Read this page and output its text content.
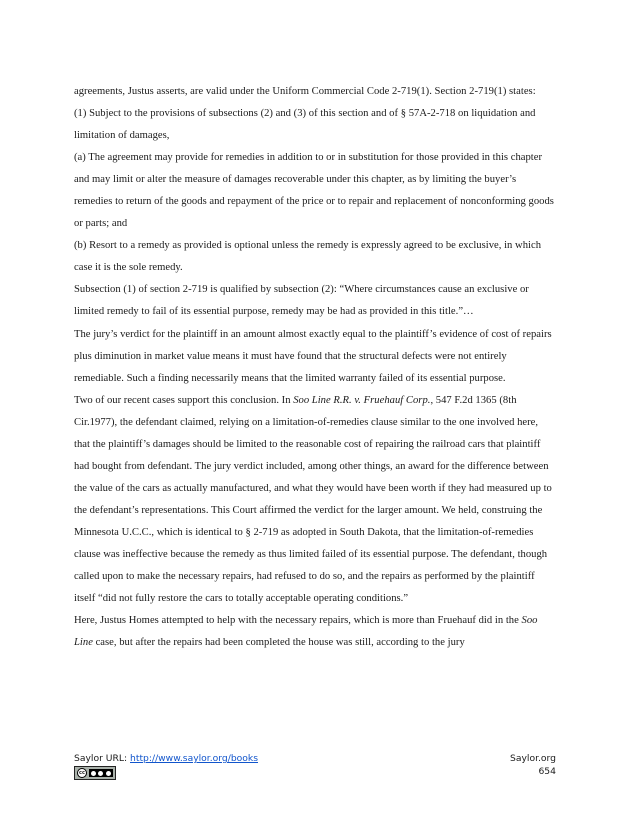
agreements, Justus asserts, are valid under the Uniform Commercial Code 2-719(1). Section 2-719(1) states:

(1) Subject to the provisions of subsections (2) and (3) of this section and of § 57A-2-718 on liquidation and limitation of damages,

(a) The agreement may provide for remedies in addition to or in substitution for those provided in this chapter and may limit or alter the measure of damages recoverable under this chapter, as by limiting the buyer’s remedies to return of the goods and repayment of the price or to repair and replacement of nonconforming goods or parts; and

(b) Resort to a remedy as provided is optional unless the remedy is expressly agreed to be exclusive, in which case it is the sole remedy.

Subsection (1) of section 2-719 is qualified by subsection (2): “Where circumstances cause an exclusive or limited remedy to fail of its essential purpose, remedy may be had as provided in this title.”…

The jury’s verdict for the plaintiff in an amount almost exactly equal to the plaintiff’s evidence of cost of repairs plus diminution in market value means it must have found that the structural defects were not entirely remediable. Such a finding necessarily means that the limited warranty failed of its essential purpose.

Two of our recent cases support this conclusion. In Soo Line R.R. v. Fruehauf Corp., 547 F.2d 1365 (8th Cir.1977), the defendant claimed, relying on a limitation-of-remedies clause similar to the one involved here, that the plaintiff’s damages should be limited to the reasonable cost of repairing the railroad cars that plaintiff had bought from defendant. The jury verdict included, among other things, an award for the difference between the value of the cars as actually manufactured, and what they would have been worth if they had measured up to the defendant’s representations. This Court affirmed the verdict for the larger amount. We held, construing the Minnesota U.C.C., which is identical to § 2-719 as adopted in South Dakota, that the limitation-of-remedies clause was ineffective because the remedy as thus limited failed of its essential purpose. The defendant, though called upon to make the necessary repairs, had refused to do so, and the repairs as performed by the plaintiff itself “did not fully restore the cars to totally acceptable operating conditions.”

Here, Justus Homes attempted to help with the necessary repairs, which is more than Fruehauf did in the Soo Line case, but after the repairs had been completed the house was still, according to the jury

Saylor URL: http://www.saylor.org/books
cc
Saylor.org
654
